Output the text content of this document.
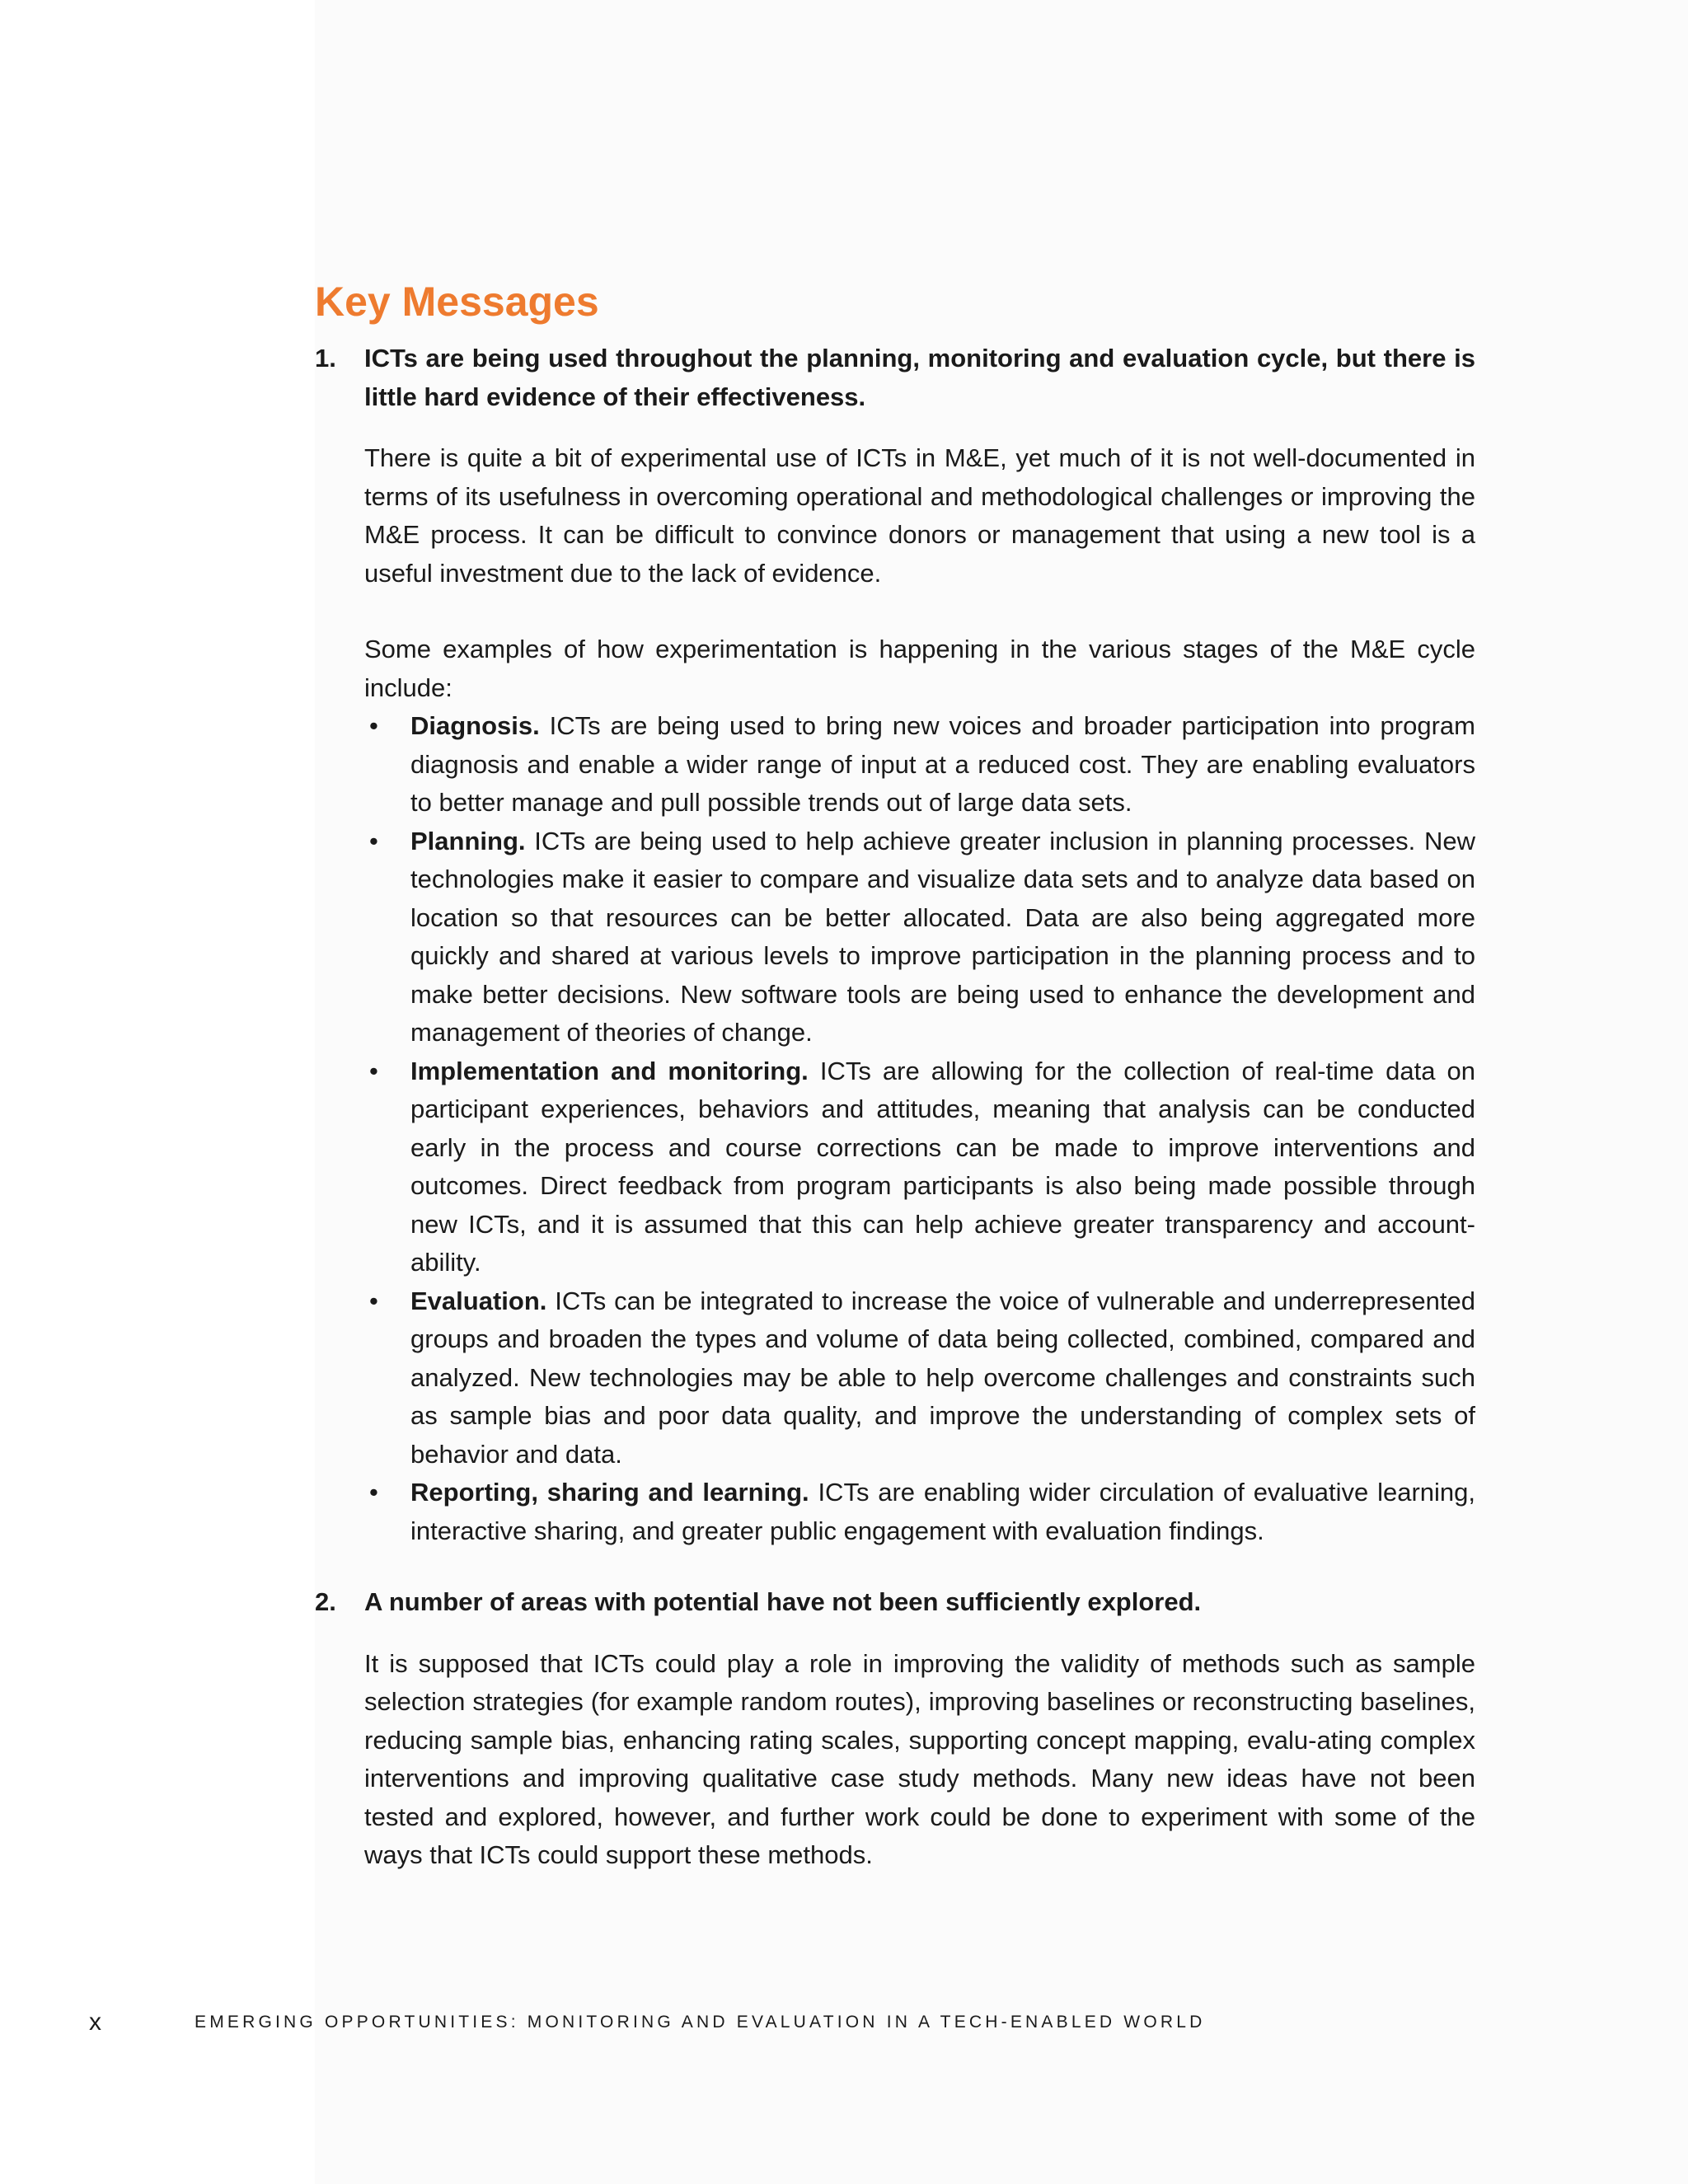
Key Messages
1. ICTs are being used throughout the planning, monitoring and evaluation cycle, but there is little hard evidence of their effectiveness.

There is quite a bit of experimental use of ICTs in M&E, yet much of it is not well-documented in terms of its usefulness in overcoming operational and methodological challenges or improving the M&E process. It can be difficult to convince donors or management that using a new tool is a useful investment due to the lack of evidence.

Some examples of how experimentation is happening in the various stages of the M&E cycle include:

• Diagnosis. ICTs are being used to bring new voices and broader participation into program diagnosis and enable a wider range of input at a reduced cost. They are enabling evaluators to better manage and pull possible trends out of large data sets.
• Planning. ICTs are being used to help achieve greater inclusion in planning processes. New technologies make it easier to compare and visualize data sets and to analyze data based on location so that resources can be better allocated. Data are also being aggregated more quickly and shared at various levels to improve participation in the planning process and to make better decisions. New software tools are being used to enhance the development and management of theories of change.
• Implementation and monitoring. ICTs are allowing for the collection of real-time data on participant experiences, behaviors and attitudes, meaning that analysis can be conducted early in the process and course corrections can be made to improve interventions and outcomes. Direct feedback from program participants is also being made possible through new ICTs, and it is assumed that this can help achieve greater transparency and account-ability.
• Evaluation. ICTs can be integrated to increase the voice of vulnerable and underrepresented groups and broaden the types and volume of data being collected, combined, compared and analyzed. New technologies may be able to help overcome challenges and constraints such as sample bias and poor data quality, and improve the understanding of complex sets of behavior and data.
• Reporting, sharing and learning. ICTs are enabling wider circulation of evaluative learning, interactive sharing, and greater public engagement with evaluation findings.
2. A number of areas with potential have not been sufficiently explored.

It is supposed that ICTs could play a role in improving the validity of methods such as sample selection strategies (for example random routes), improving baselines or reconstructing baselines, reducing sample bias, enhancing rating scales, supporting concept mapping, evalu-ating complex interventions and improving qualitative case study methods. Many new ideas have not been tested and explored, however, and further work could be done to experiment with some of the ways that ICTs could support these methods.

x	EMERGING OPPORTUNITIES: MONITORING AND EVALUATION IN A TECH-ENABLED WORLD
